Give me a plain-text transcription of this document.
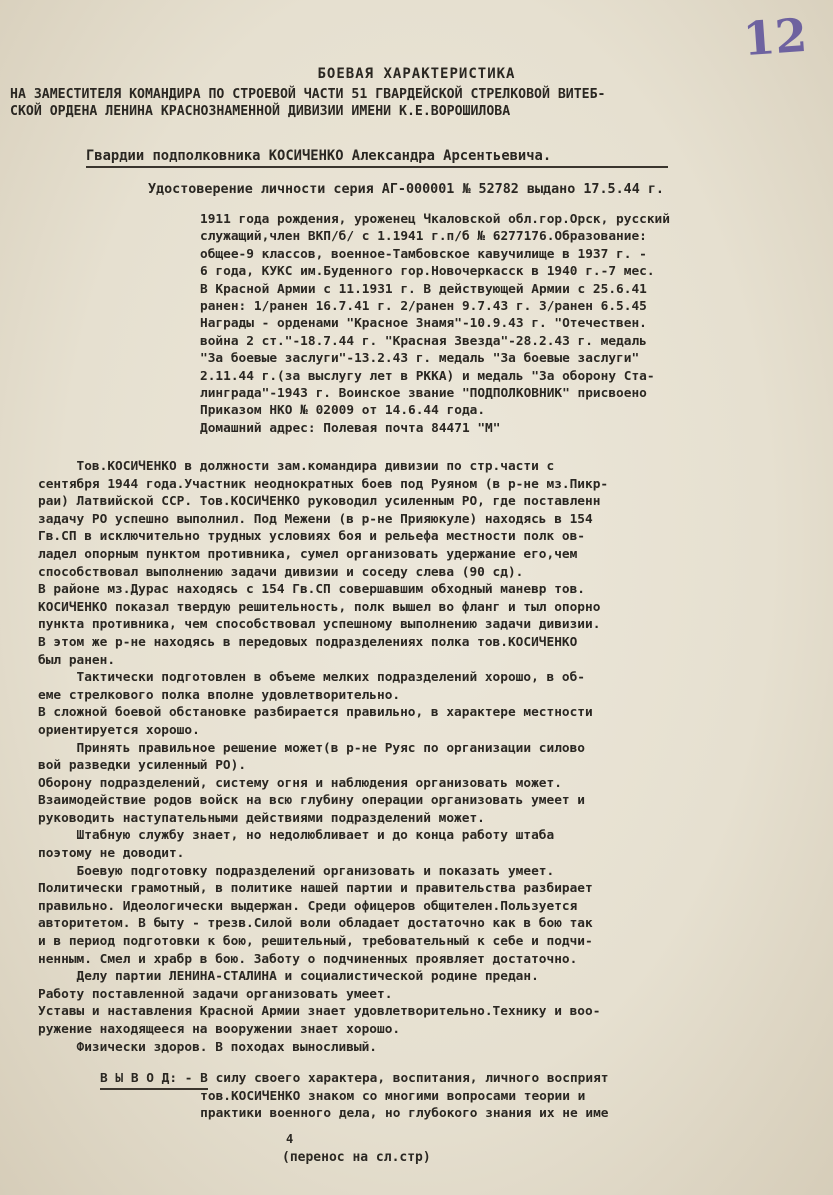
12
БОЕВАЯ ХАРАКТЕРИСТИКА
НА ЗАМЕСТИТЕЛЯ КОМАНДИРА ПО СТРОЕВОЙ ЧАСТИ 51 ГВАРДЕЙСКОЙ СТРЕЛКОВОЙ ВИТЕБ-
СКОЙ ОРДЕНА ЛЕНИНА КРАСНОЗНАМЕННОЙ ДИВИЗИИ ИМЕНИ К.Е.ВОРОШИЛОВА
Гвардии подполковника КОСИЧЕНКО Александра Арсентьевича.
Удостоверение личности серия АГ-000001 № 52782 выдано 17.5.44 г.
1911 года рождения, уроженец Чкаловской обл.гор.Орск, русский
служащий,член ВКП/б/ с 1.1941 г.п/б № 6277176.Образование:
общее-9 классов, военное-Тамбовское кавучилище в 1937 г. -
6 года, КУКС им.Буденного гор.Новочеркасск в 1940 г.-7 мес.
В Красной Армии с 11.1931 г. В действующей Армии с 25.6.41
ранен: 1/ранен 16.7.41 г. 2/ранен 9.7.43 г. 3/ранен 6.5.45
Награды - орденами "Красное Знамя"-10.9.43 г. "Отечествен.
война 2 ст."-18.7.44 г. "Красная Звезда"-28.2.43 г. медаль
"За боевые заслуги"-13.2.43 г. медаль "За боевые заслуги"
2.11.44 г.(за выслугу лет в РККА) и медаль "За оборону Ста-
линграда"-1943 г. Воинское звание "ПОДПОЛКОВНИК" присвоено
Приказом НКО № 02009 от 14.6.44 года.
Домашний адрес: Полевая почта 84471 "М"
Тов.КОСИЧЕНКО в должности зам.командира дивизии по стр.части с
сентября 1944 года.Участник неоднократных боев под Руяном (в р-не мз.Пикр-
раи) Латвийской ССР. Тов.КОСИЧЕНКО руководил усиленным РО, где поставленн
задачу РО успешно выполнил. Под Межени (в р-не Прияюкуле) находясь в 154
Гв.СП в исключительно трудных условиях боя и рельефа местности полк ов-
ладел опорным пунктом противника, сумел организовать удержание его,чем
способствовал выполнению задачи дивизии и соседу слева (90 сд).
В районе мз.Дурас находясь с 154 Гв.СП совершавшим обходный маневр тов.
КОСИЧЕНКО показал твердую решительность, полк вышел во фланг и тыл опорно
пункта противника, чем способствовал успешному выполнению задачи дивизии.
В этом же р-не находясь в передовых подразделениях полка тов.КОСИЧЕНКО
был ранен.
Тактически подготовлен в объеме мелких подразделений хорошо, в об-
еме стрелкового полка вполне удовлетворительно.
В сложной боевой обстановке разбирается правильно, в характере местности
ориентируется хорошо.
Принять правильное решение может(в р-не Руяс по организации силово
вой разведки усиленный РО).
Оборону подразделений, систему огня и наблюдения организовать может.
Взаимодействие родов войск на всю глубину операции организовать умеет и
руководить наступательными действиями подразделений может.
Штабную службу знает, но недолюбливает и до конца работу штаба
поэтому не доводит.
Боевую подготовку подразделений организовать и показать умеет.
Политически грамотный, в политике нашей партии и правительства разбирает
правильно. Идеологически выдержан. Среди офицеров общителен.Пользуется
авторитетом. В быту - трезв.Силой воли обладает достаточно как в бою так
и в период подготовки к бою, решительный, требовательный к себе и подчи-
ненным. Смел и храбр в бою. Заботу о подчиненных проявляет достаточно.
Делу партии ЛЕНИНА-СТАЛИНА и социалистической родине предан.
Работу поставленной задачи организовать умеет.
Уставы и наставления Красной Армии знает удовлетворительно.Технику и воо-
ружение находящееся на вооружении знает хорошо.
Физически здоров. В походах выносливый.
В Ы В О Д: - В силу своего характера, воспитания, личного восприят
тов.КОСИЧЕНКО знаком со многими вопросами теории и
практики военного дела, но глубокого знания их не име
4
(перенос на сл.стр)
